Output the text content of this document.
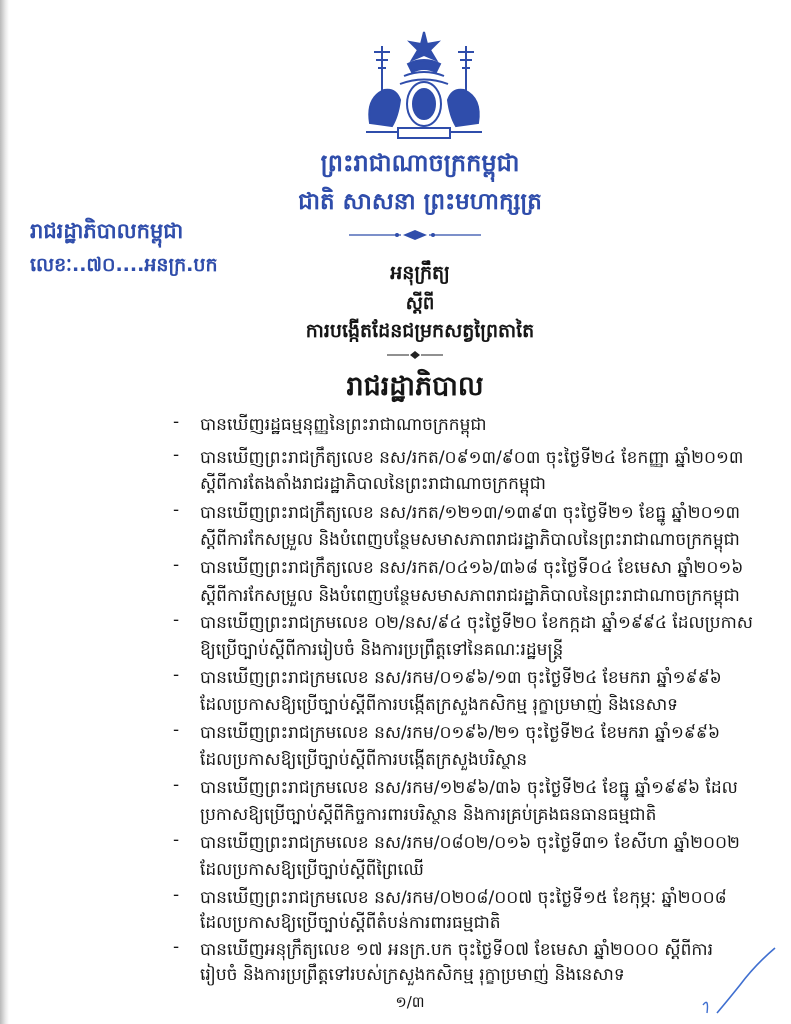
ព្រះរាជាណាចក្រកម្ពុជា
ជាតិ សាសនា ព្រះមហាក្សត្រ
រាជរដ្ឋាភិបាលកម្ពុជា
លេខៈ..៧០....អនក្រ.បក	អនុក្រឹត្យ
ស្តីពី
ការបង្កើតដែនជម្រកសត្វព្រៃតាតៃ
រាជរដ្ឋាភិបាល
- បានឃើញរដ្ឋធម្មនុញ្ញនៃព្រះរាជាណាចក្រកម្ពុជា
- បានឃើញព្រះរាជក្រឹត្យលេខ នស/រកត/០៩១៣/៩០៣ ចុះថ្ងៃទី២៤ ខែកញ្ញា ឆ្នាំ២០១៣
ស្តីពីការតែងតាំងរាជរដ្ឋាភិបាលនៃព្រះរាជាណាចក្រកម្ពុជា
- បានឃើញព្រះរាជក្រឹត្យលេខ នស/រកត/១២១៣/១៣៩៣ ចុះថ្ងៃទី២១ ខែធ្នូ ឆ្នាំ២០១៣
ស្តីពីការកែសម្រួល និងបំពេញបន្ថែមសមាសភាពរាជរដ្ឋាភិបាលនៃព្រះរាជាណាចក្រកម្ពុជា
- បានឃើញព្រះរាជក្រឹត្យលេខ នស/រកត/០៤១៦/៣៦៨ ចុះថ្ងៃទី០៤ ខែមេសា ឆ្នាំ២០១៦
ស្តីពីការកែសម្រួល និងបំពេញបន្ថែមសមាសភាពរាជរដ្ឋាភិបាលនៃព្រះរាជាណាចក្រកម្ពុជា
- បានឃើញព្រះរាជក្រមលេខ ០២/នស/៩៤ ចុះថ្ងៃទី២០ ខែកក្កដា ឆ្នាំ១៩៩៤ ដែលប្រកាស
ឱ្យប្រើច្បាប់ស្តីពីការរៀបចំ និងការប្រព្រឹត្តទៅនៃគណៈរដ្ឋមន្ត្រី
- បានឃើញព្រះរាជក្រមលេខ នស/រកម/០១៩៦/១៣ ចុះថ្ងៃទី២៤ ខែមករា ឆ្នាំ១៩៩៦
ដែលប្រកាសឱ្យប្រើច្បាប់ស្តីពីការបង្កើតក្រសួងកសិកម្ម រុក្ខាប្រមាញ់ និងនេសាទ
- បានឃើញព្រះរាជក្រមលេខ នស/រកម/០១៩៦/២១ ចុះថ្ងៃទី២៤ ខែមករា ឆ្នាំ១៩៩៦
ដែលប្រកាសឱ្យប្រើច្បាប់ស្តីពីការបង្កើតក្រសួងបរិស្ថាន
- បានឃើញព្រះរាជក្រមលេខ នស/រកម/១២៩៦/៣៦ ចុះថ្ងៃទី២៤ ខែធ្នូ ឆ្នាំ១៩៩៦ ដែល
ប្រកាសឱ្យប្រើច្បាប់ស្តីពីកិច្ចការពារបរិស្ថាន និងការគ្រប់គ្រងធនធានធម្មជាតិ
- បានឃើញព្រះរាជក្រមលេខ នស/រកម/០៨០២/០១៦ ចុះថ្ងៃទី៣១ ខែសីហា ឆ្នាំ២០០២
ដែលប្រកាសឱ្យប្រើច្បាប់ស្តីពីព្រៃឈើ
- បានឃើញព្រះរាជក្រមលេខ នស/រកម/០២០៨/០០៧ ចុះថ្ងៃទី១៥ ខែកុម្ភៈ ឆ្នាំ២០០៨
ដែលប្រកាសឱ្យប្រើច្បាប់ស្តីពីតំបន់ការពារធម្មជាតិ
- បានឃើញអនុក្រឹត្យលេខ ១៧ អនក្រ.បក ចុះថ្ងៃទី០៧ ខែមេសា ឆ្នាំ២០០០ ស្តីពីការ
រៀបចំ និងការប្រព្រឹត្តទៅរបស់ក្រសួងកសិកម្ម រុក្ខាប្រមាញ់ និងនេសាទ
១/៣
